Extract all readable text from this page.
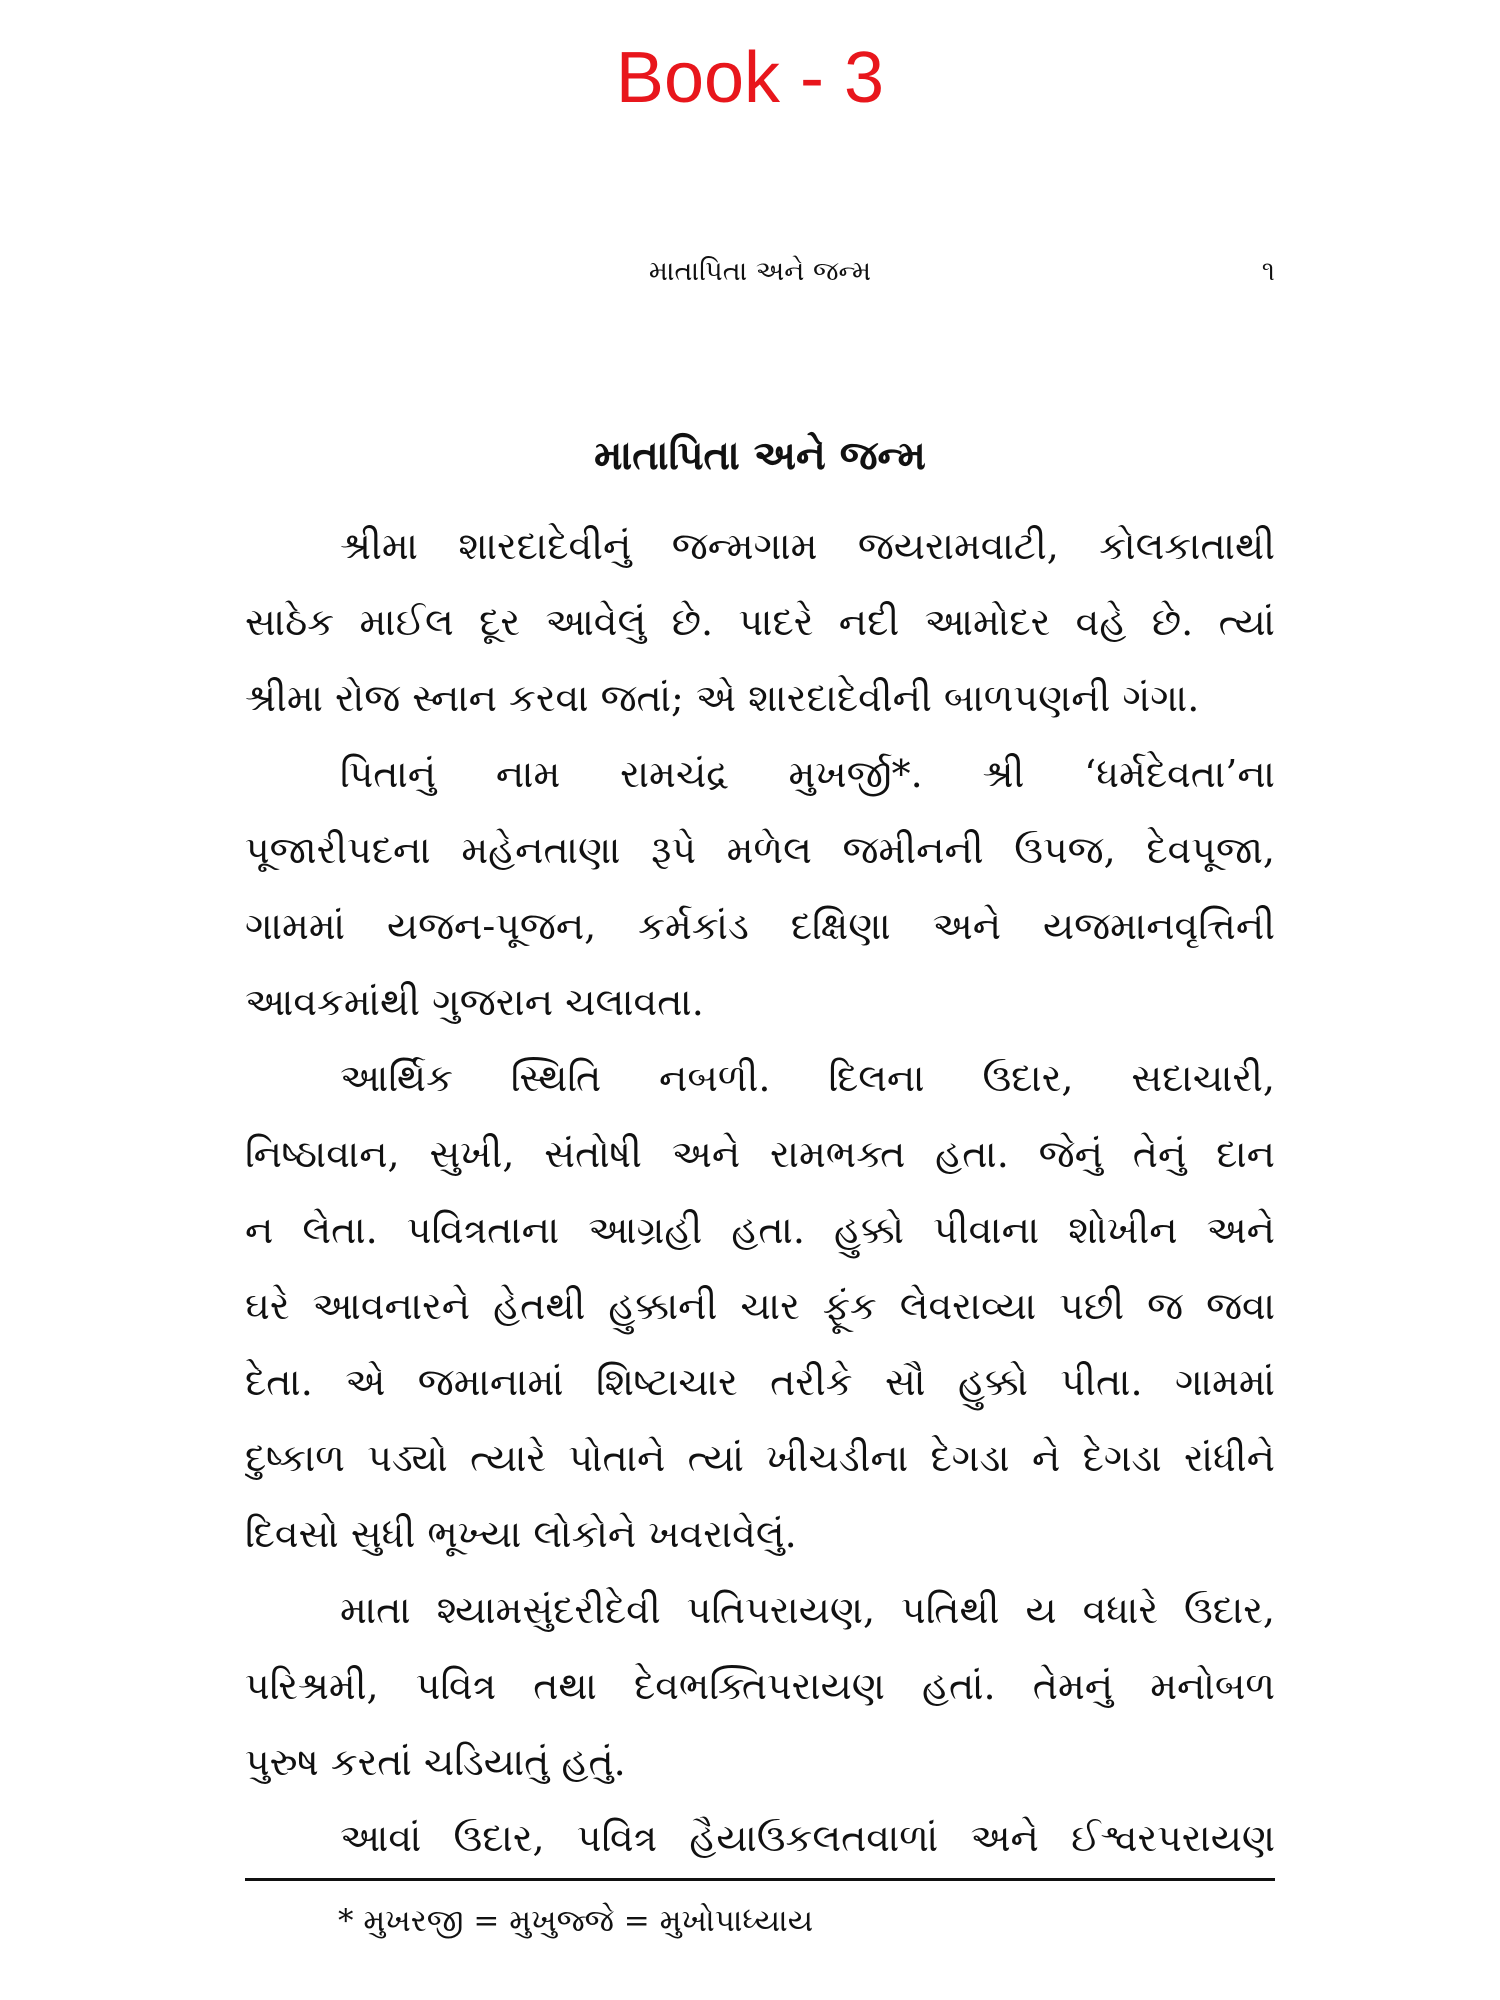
Book - 3
માતાપિતા અને જન્મ	૧
માતાપિતા અને જન્મ
શ્રીમા શારદાદેવીનું જન્મગામ જયરામવાટી, કોલકાતાથી
સાઠેક માઈલ દૂર આવેલું છે. પાદરે નદી આમોદર વહે છે. ત્યાં
શ્રીમા રોજ સ્નાન કરવા જતાં; એ શારદાદેવીની બાળપણની ગંગા.
પિતાનું નામ રામચંદ્ર મુખર્જી*. શ્રી ‘ધર્મદેવતા’ના
પૂજારીપદના મહેનતાણા રૂપે મળેલ જમીનની ઉપજ, દેવપૂજા,
ગામમાં યજન-પૂજન, કર્મકાંડ દક્ષિણા અને યજમાનવૃત્તિની
આવકમાંથી ગુજરાન ચલાવતા.
આર્થિક સ્થિતિ નબળી. દિલના ઉદાર, સદાચારી,
નિષ્ઠાવાન, સુખી, સંતોષી અને રામભક્ત હતા. જેનું તેનું દાન
ન લેતા. પવિત્રતાના આગ્રહી હતા. હુક્કો પીવાના શોખીન અને
ઘરે આવનારને હેતથી હુક્કાની ચાર ફૂંક લેવરાવ્યા પછી જ જવા
દેતા. એ જમાનામાં શિષ્ટાચાર તરીકે સૌ હુક્કો પીતા. ગામમાં
દુષ્કાળ પડ્યો ત્યારે પોતાને ત્યાં ખીચડીના દેગડા ને દેગડા રાંધીને
દિવસો સુધી ભૂખ્યા લોકોને ખવરાવેલું.
માતા શ્યામસુંદરીદેવી પતિપરાયણ, પતિથી ય વધારે ઉદાર,
પરિશ્રમી, પવિત્ર તથા દેવભક્તિપરાયણ હતાં. તેમનું મનોબળ
પુરુષ કરતાં ચડિયાતું હતું.
આવાં ઉદાર, પવિત્ર હૈયાઉકલતવાળાં અને ઈશ્વરપરાયણ
* મુખરજી = મુખુજ્જે = મુખોપાધ્યાય
